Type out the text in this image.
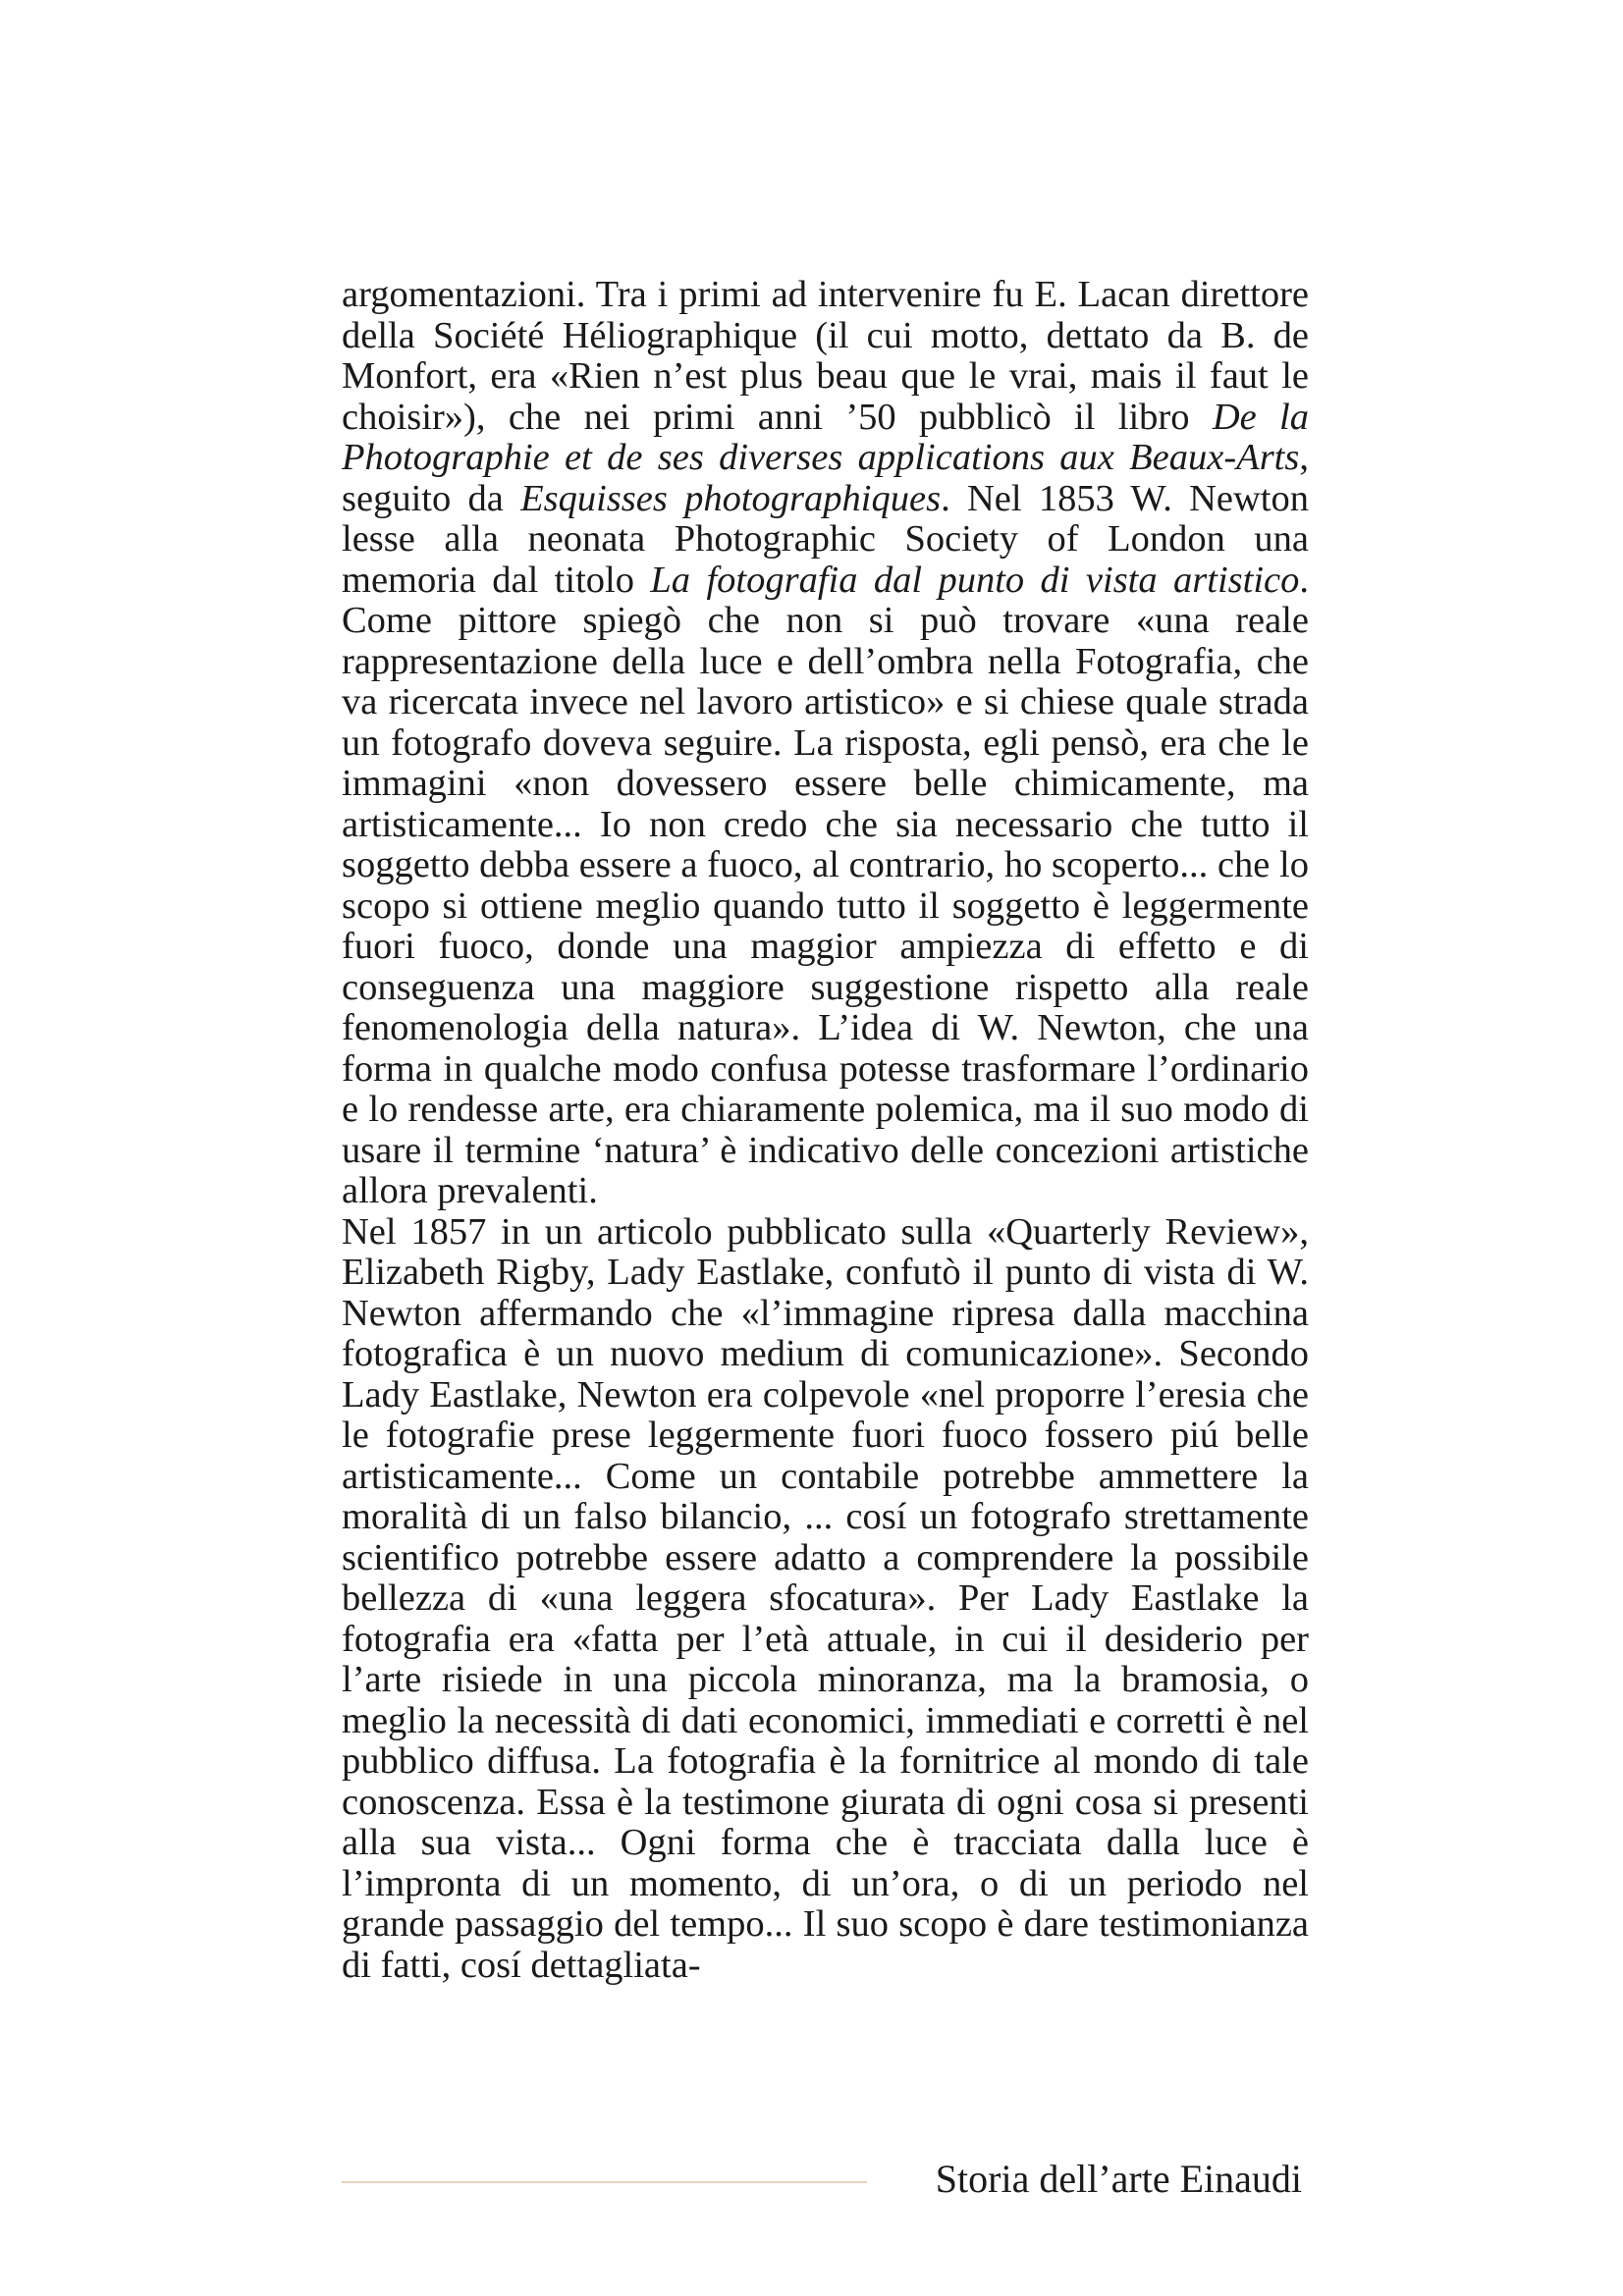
argomentazioni. Tra i primi ad intervenire fu E. Lacan direttore della Société Héliographique (il cui motto, dettato da B. de Monfort, era «Rien n’est plus beau que le vrai, mais il faut le choisir»), che nei primi anni ’50 pubblicò il libro De la Photographie et de ses diverses applications aux Beaux-Arts, seguito da Esquisses photographiques. Nel 1853 W. Newton lesse alla neonata Photographic Society of London una memoria dal titolo La fotografia dal punto di vista artistico. Come pittore spiegò che non si può trovare «una reale rappresentazione della luce e dell’ombra nella Fotografia, che va ricercata invece nel lavoro artistico» e si chiese quale strada un fotografo doveva seguire. La risposta, egli pensò, era che le immagini «non dovessero essere belle chimicamente, ma artisticamente... Io non credo che sia necessario che tutto il soggetto debba essere a fuoco, al contrario, ho scoperto... che lo scopo si ottiene meglio quando tutto il soggetto è leggermente fuori fuoco, donde una maggior ampiezza di effetto e di conseguenza una maggiore suggestione rispetto alla reale fenomenologia della natura». L’idea di W. Newton, che una forma in qualche modo confusa potesse trasformare l’ordinario e lo rendesse arte, era chiaramente polemica, ma il suo modo di usare il termine ‘natura’ è indicativo delle concezioni artistiche allora prevalenti.

Nel 1857 in un articolo pubblicato sulla «Quarterly Review», Elizabeth Rigby, Lady Eastlake, confutò il punto di vista di W. Newton affermando che «l’immagine ripresa dalla macchina fotografica è un nuovo medium di comunicazione». Secondo Lady Eastlake, Newton era colpevole «nel proporre l’eresia che le fotografie prese leggermente fuori fuoco fossero piú belle artisticamente... Come un contabile potrebbe ammettere la moralità di un falso bilancio, ... cosí un fotografo strettamente scientifico potrebbe essere adatto a comprendere la possibile bellezza di «una leggera sfocatura». Per Lady Eastlake la fotografia era «fatta per l’età attuale, in cui il desiderio per l’arte risiede in una piccola minoranza, ma la bramosia, o meglio la necessità di dati economici, immediati e corretti è nel pubblico diffusa. La fotografia è la fornitrice al mondo di tale conoscenza. Essa è la testimone giurata di ogni cosa si presenti alla sua vista... Ogni forma che è tracciata dalla luce è l’impronta di un momento, di un’ora, o di un periodo nel grande passaggio del tempo... Il suo scopo è dare testimonianza di fatti, cosí dettagliata-

Storia dell’arte Einaudi
